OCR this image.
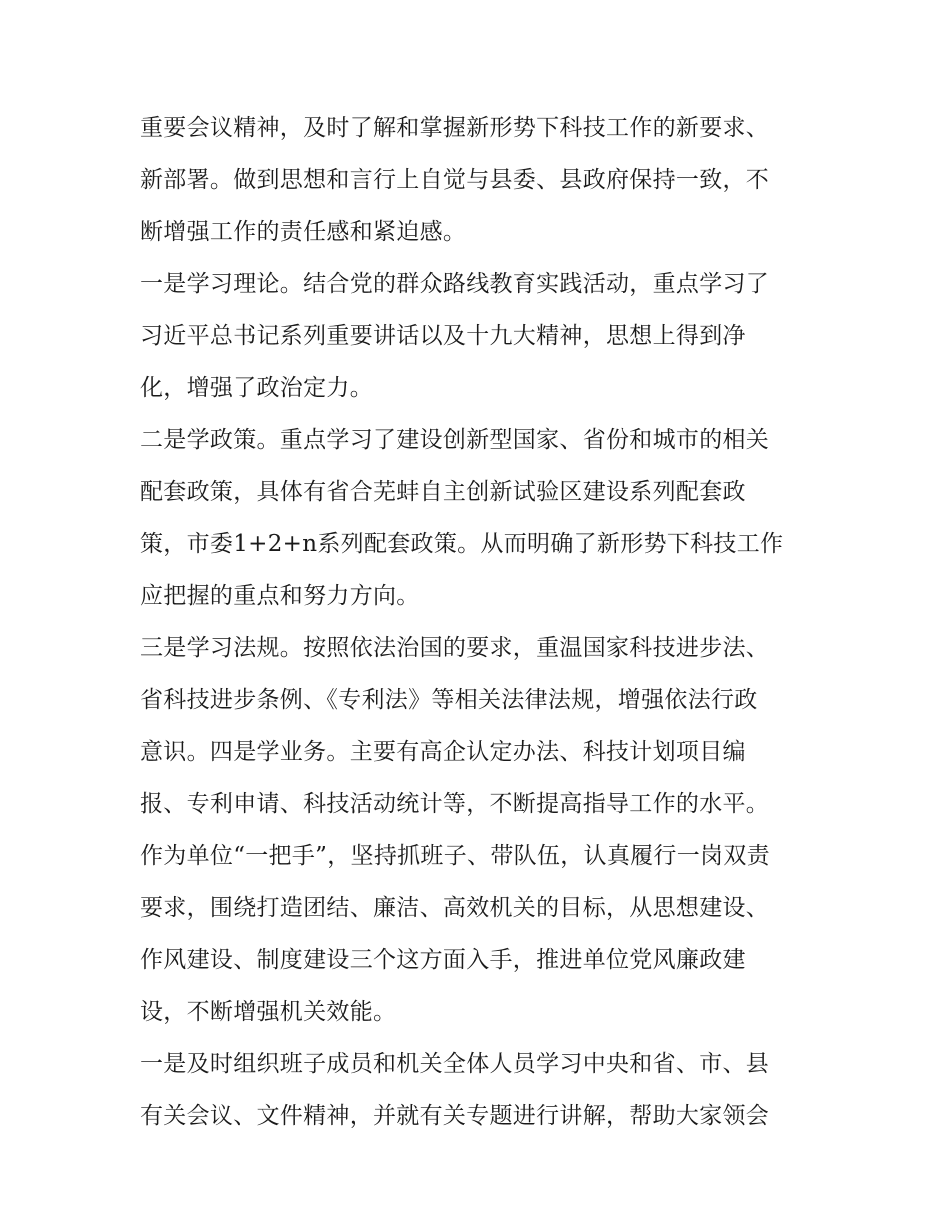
重要会议精神，及时了解和掌握新形势下科技工作的新要求、
新部署。做到思想和言行上自觉与县委、县政府保持一致，不
断增强工作的责任感和紧迫感。
一是学习理论。结合党的群众路线教育实践活动，重点学习了
习近平总书记系列重要讲话以及十九大精神，思想上得到净
化，增强了政治定力。
二是学政策。重点学习了建设创新型国家、省份和城市的相关
配套政策，具体有省合芜蚌自主创新试验区建设系列配套政
策，市委1+2+n系列配套政策。从而明确了新形势下科技工作
应把握的重点和努力方向。
三是学习法规。按照依法治国的要求，重温国家科技进步法、
省科技进步条例、《专利法》等相关法律法规，增强依法行政
意识。四是学业务。主要有高企认定办法、科技计划项目编
报、专利申请、科技活动统计等，不断提高指导工作的水平。
作为单位“一把手”，坚持抓班子、带队伍，认真履行一岗双责
要求，围绕打造团结、廉洁、高效机关的目标，从思想建设、
作风建设、制度建设三个这方面入手，推进单位党风廉政建
设，不断增强机关效能。
一是及时组织班子成员和机关全体人员学习中央和省、市、县
有关会议、文件精神，并就有关专题进行讲解，帮助大家领会
